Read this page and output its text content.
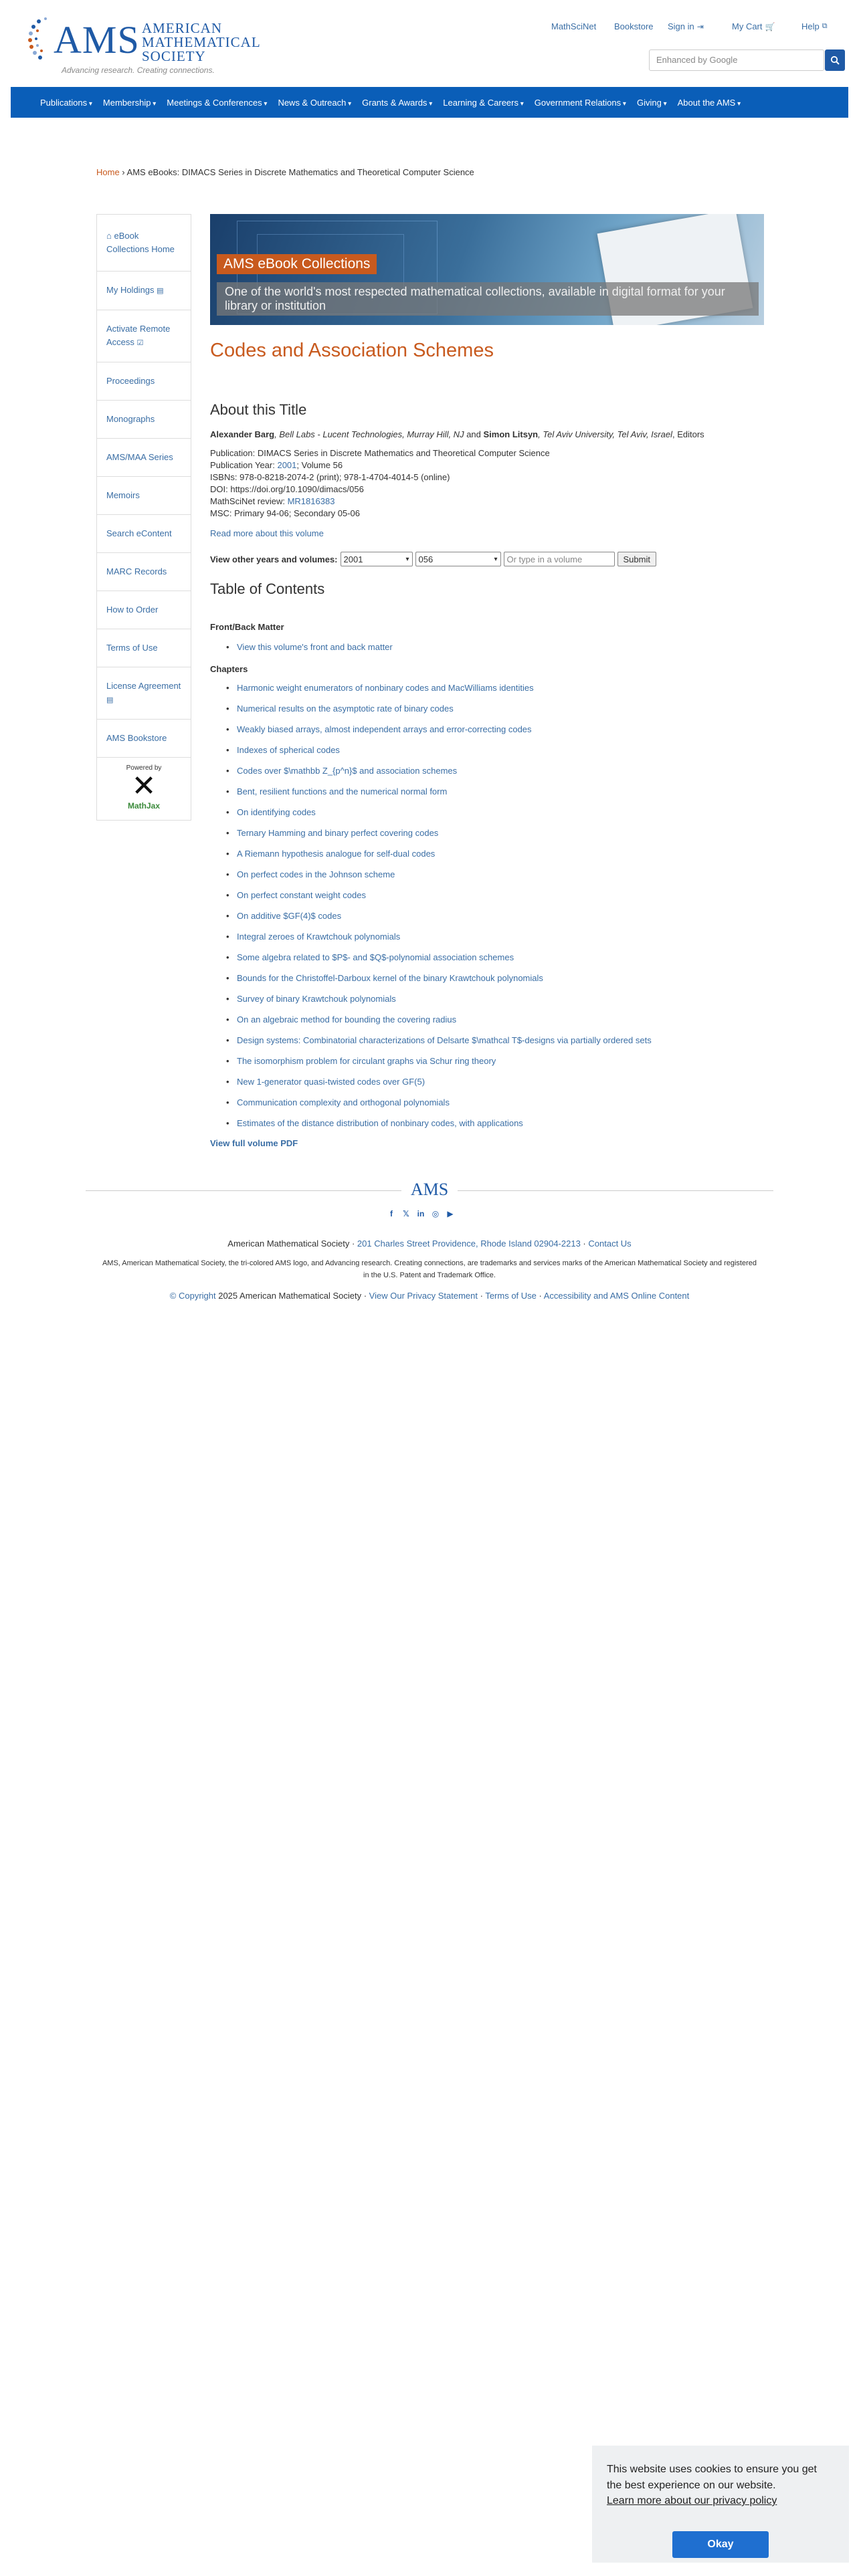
AMS AMERICAN
MATHEMATICAL
SOCIETY
Advancing research. Creating connections.
MathSciNet Bookstore Sign in ⇥	My Cart 🛒	Help ⧉
Enhanced by Google
Publications ▾	Membership ▾	Meetings & Conferences ▾	News & Outreach ▾	Grants & Awards ▾	Learning & Careers ▾	Government Relations ▾	Giving ▾	About the AMS ▾
Home › AMS eBooks: DIMACS Series in Discrete Mathematics and Theoretical Computer Science
⌂ eBook Collections Home
My Holdings ▤
Activate Remote Access ☑
Proceedings
Monographs
AMS/MAA Series
Memoirs
Search eContent
MARC Records
How to Order
Terms of Use
License Agreement ▤
AMS Bookstore
Powered by
✕
MathJax
AMS eBook Collections
One of the world's most respected mathematical collections, available in digital format for your library or institution
Codes and Association Schemes
About this Title
Alexander Barg, Bell Labs - Lucent Technologies, Murray Hill, NJ and Simon Litsyn, Tel Aviv University, Tel Aviv, Israel, Editors
Publication: DIMACS Series in Discrete Mathematics and Theoretical Computer Science
Publication Year: 2001; Volume 56
ISBNs: 978-0-8218-2074-2 (print); 978-1-4704-4014-5 (online)
DOI: https://doi.org/10.1090/dimacs/056
MathSciNet review: MR1816383
MSC: Primary 94-06; Secondary 05-06
Read more about this volume
View other years and volumes: 2001	▾ 056	▾	Or type in a volume	Submit
Table of Contents
Front/Back Matter
• View this volume's front and back matter
Chapters
• Harmonic weight enumerators of nonbinary codes and MacWilliams identities
• Numerical results on the asymptotic rate of binary codes
• Weakly biased arrays, almost independent arrays and error-correcting codes
• Indexes of spherical codes
• Codes over $\mathbb Z_{p^n}$ and association schemes
• Bent, resilient functions and the numerical normal form
• On identifying codes
• Ternary Hamming and binary perfect covering codes
• A Riemann hypothesis analogue for self-dual codes
• On perfect codes in the Johnson scheme
• On perfect constant weight codes
• On additive $GF(4)$ codes
• Integral zeroes of Krawtchouk polynomials
• Some algebra related to $P$- and $Q$-polynomial association schemes
• Bounds for the Christoffel-Darboux kernel of the binary Krawtchouk polynomials
• Survey of binary Krawtchouk polynomials
• On an algebraic method for bounding the covering radius
• Design systems: Combinatorial characterizations of Delsarte $\mathcal T$-designs via partially ordered sets
• The isomorphism problem for circulant graphs via Schur ring theory
• New 1-generator quasi-twisted codes over GF(5)
• Communication complexity and orthogonal polynomials
• Estimates of the distance distribution of nonbinary codes, with applications
View full volume PDF
AMS
f	𝕏 in ◎ ▶
American Mathematical Society · 201 Charles Street Providence, Rhode Island 02904-2213 · Contact Us
AMS, American Mathematical Society, the tri-colored AMS logo, and Advancing research. Creating connections, are trademarks and services marks of the American Mathematical Society and registered in the U.S. Patent and Trademark Office.
© Copyright 2025 American Mathematical Society · View Our Privacy Statement · Terms of Use · Accessibility and AMS Online Content
This website uses cookies to ensure you get the best experience on our website.
Learn more about our privacy policy
Okay
